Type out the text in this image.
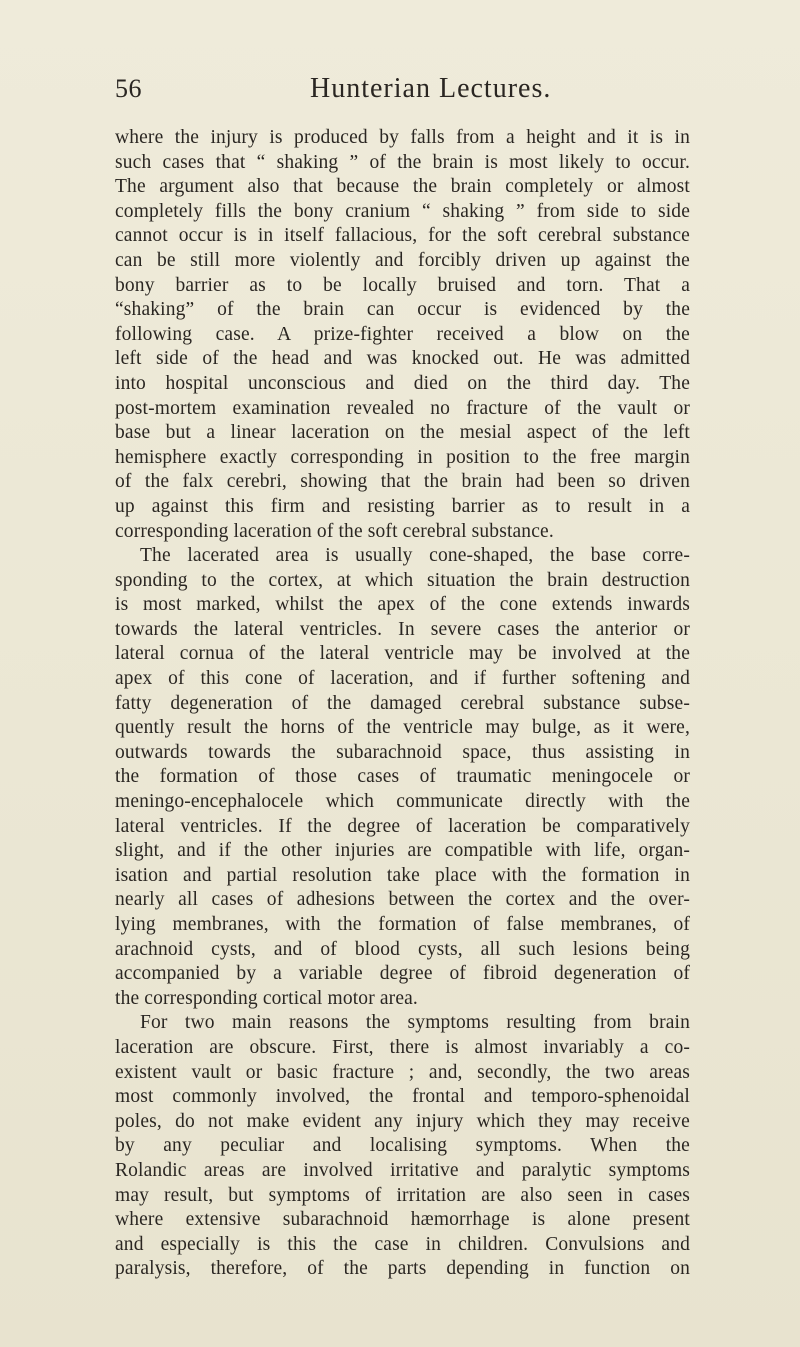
56	Hunterian Lectures.
where the injury is produced by falls from a height and it is in
such cases that “ shaking ” of the brain is most likely to occur.
The argument also that because the brain completely or almost
completely fills the bony cranium “ shaking ” from side to side
cannot occur is in itself fallacious, for the soft cerebral substance
can be still more violently and forcibly driven up against the
bony barrier as to be locally bruised and torn. That a
“shaking” of the brain can occur is evidenced by the
following case. A prize-fighter received a blow on the
left side of the head and was knocked out. He was admitted
into hospital unconscious and died on the third day. The
post-mortem examination revealed no fracture of the vault or
base but a linear laceration on the mesial aspect of the left
hemisphere exactly corresponding in position to the free margin
of the falx cerebri, showing that the brain had been so driven
up against this firm and resisting barrier as to result in a
corresponding laceration of the soft cerebral substance.
The lacerated area is usually cone-shaped, the base corre-
sponding to the cortex, at which situation the brain destruction
is most marked, whilst the apex of the cone extends inwards
towards the lateral ventricles. In severe cases the anterior or
lateral cornua of the lateral ventricle may be involved at the
apex of this cone of laceration, and if further softening and
fatty degeneration of the damaged cerebral substance subse-
quently result the horns of the ventricle may bulge, as it were,
outwards towards the subarachnoid space, thus assisting in
the formation of those cases of traumatic meningocele or
meningo-encephalocele which communicate directly with the
lateral ventricles. If the degree of laceration be comparatively
slight, and if the other injuries are compatible with life, organ-
isation and partial resolution take place with the formation in
nearly all cases of adhesions between the cortex and the over-
lying membranes, with the formation of false membranes, of
arachnoid cysts, and of blood cysts, all such lesions being
accompanied by a variable degree of fibroid degeneration of
the corresponding cortical motor area.
For two main reasons the symptoms resulting from brain
laceration are obscure. First, there is almost invariably a co-
existent vault or basic fracture ; and, secondly, the two areas
most commonly involved, the frontal and temporo-sphenoidal
poles, do not make evident any injury which they may receive
by any peculiar and localising symptoms. When the
Rolandic areas are involved irritative and paralytic symptoms
may result, but symptoms of irritation are also seen in cases
where extensive subarachnoid hæmorrhage is alone present
and especially is this the case in children. Convulsions and
paralysis, therefore, of the parts depending in function on
